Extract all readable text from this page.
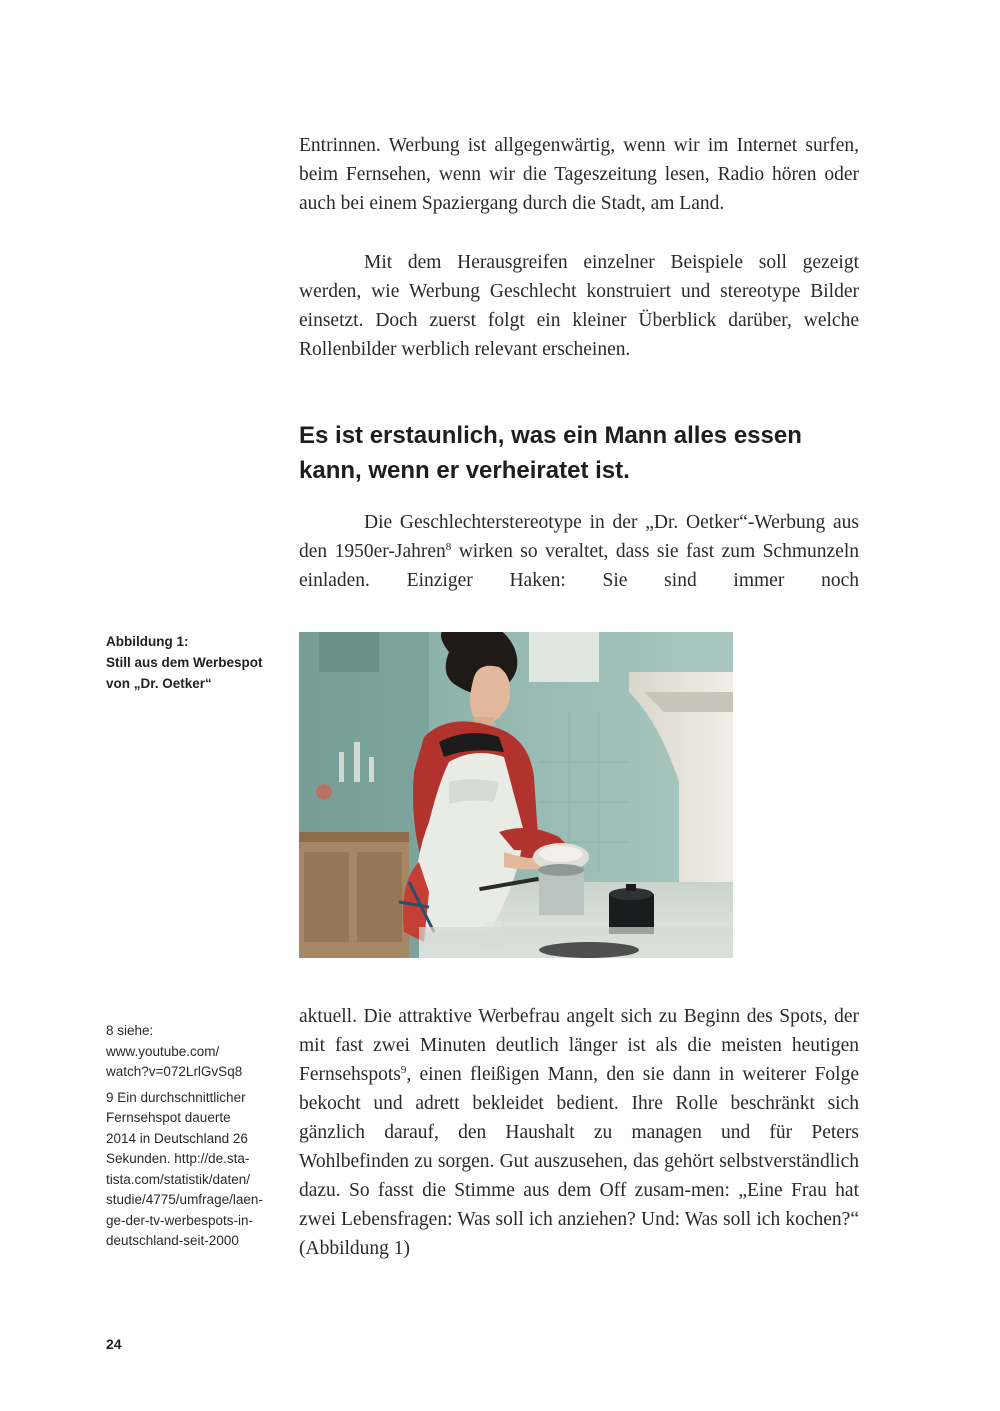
Entrinnen. Werbung ist allgegenwärtig, wenn wir im Internet surfen, beim Fernsehen, wenn wir die Tageszeitung lesen, Radio hören oder auch bei einem Spaziergang durch die Stadt, am Land.

Mit dem Herausgreifen einzelner Beispiele soll gezeigt werden, wie Werbung Geschlecht konstruiert und stereotype Bilder einsetzt. Doch zuerst folgt ein kleiner Überblick darüber, welche Rollenbilder werblich relevant erscheinen.

Es ist erstaunlich, was ein Mann alles essen kann, wenn er verheiratet ist.

Die Geschlechterstereotype in der „Dr. Oetker“-Werbung aus den 1950er-Jahren$^8$ wirken so veraltet, dass sie fast zum Schmunzeln einladen. Einziger Haken: Sie sind immer noch

Abbildung 1:
Still aus dem Werbespot
von „Dr. Oetker“
8 siehe:
www.youtube.com/
watch?v=072LrlGvSq8
9 Ein durchschnittlicher
Fernsehspot dauerte
2014 in Deutschland 26
Sekunden. http://de.sta-
tista.com/statistik/daten/
studie/4775/umfrage/laen-
ge-der-tv-werbespots-in-
deutschland-seit-2000

aktuell. Die attraktive Werbefrau angelt sich zu Beginn des Spots, der mit fast zwei Minuten deutlich länger ist als die meisten heutigen Fernsehspots$^9$, einen fleißigen Mann, den sie dann in weiterer Folge bekocht und adrett bekleidet bedient. Ihre Rolle beschränkt sich gänzlich darauf, den Haushalt zu managen und für Peters Wohlbefinden zu sorgen. Gut auszusehen, das gehört selbstverständlich dazu. So fasst die Stimme aus dem Off zusam-men: „Eine Frau hat zwei Lebensfragen: Was soll ich anziehen? Und: Was soll ich kochen?“ (Abbildung 1)

24
